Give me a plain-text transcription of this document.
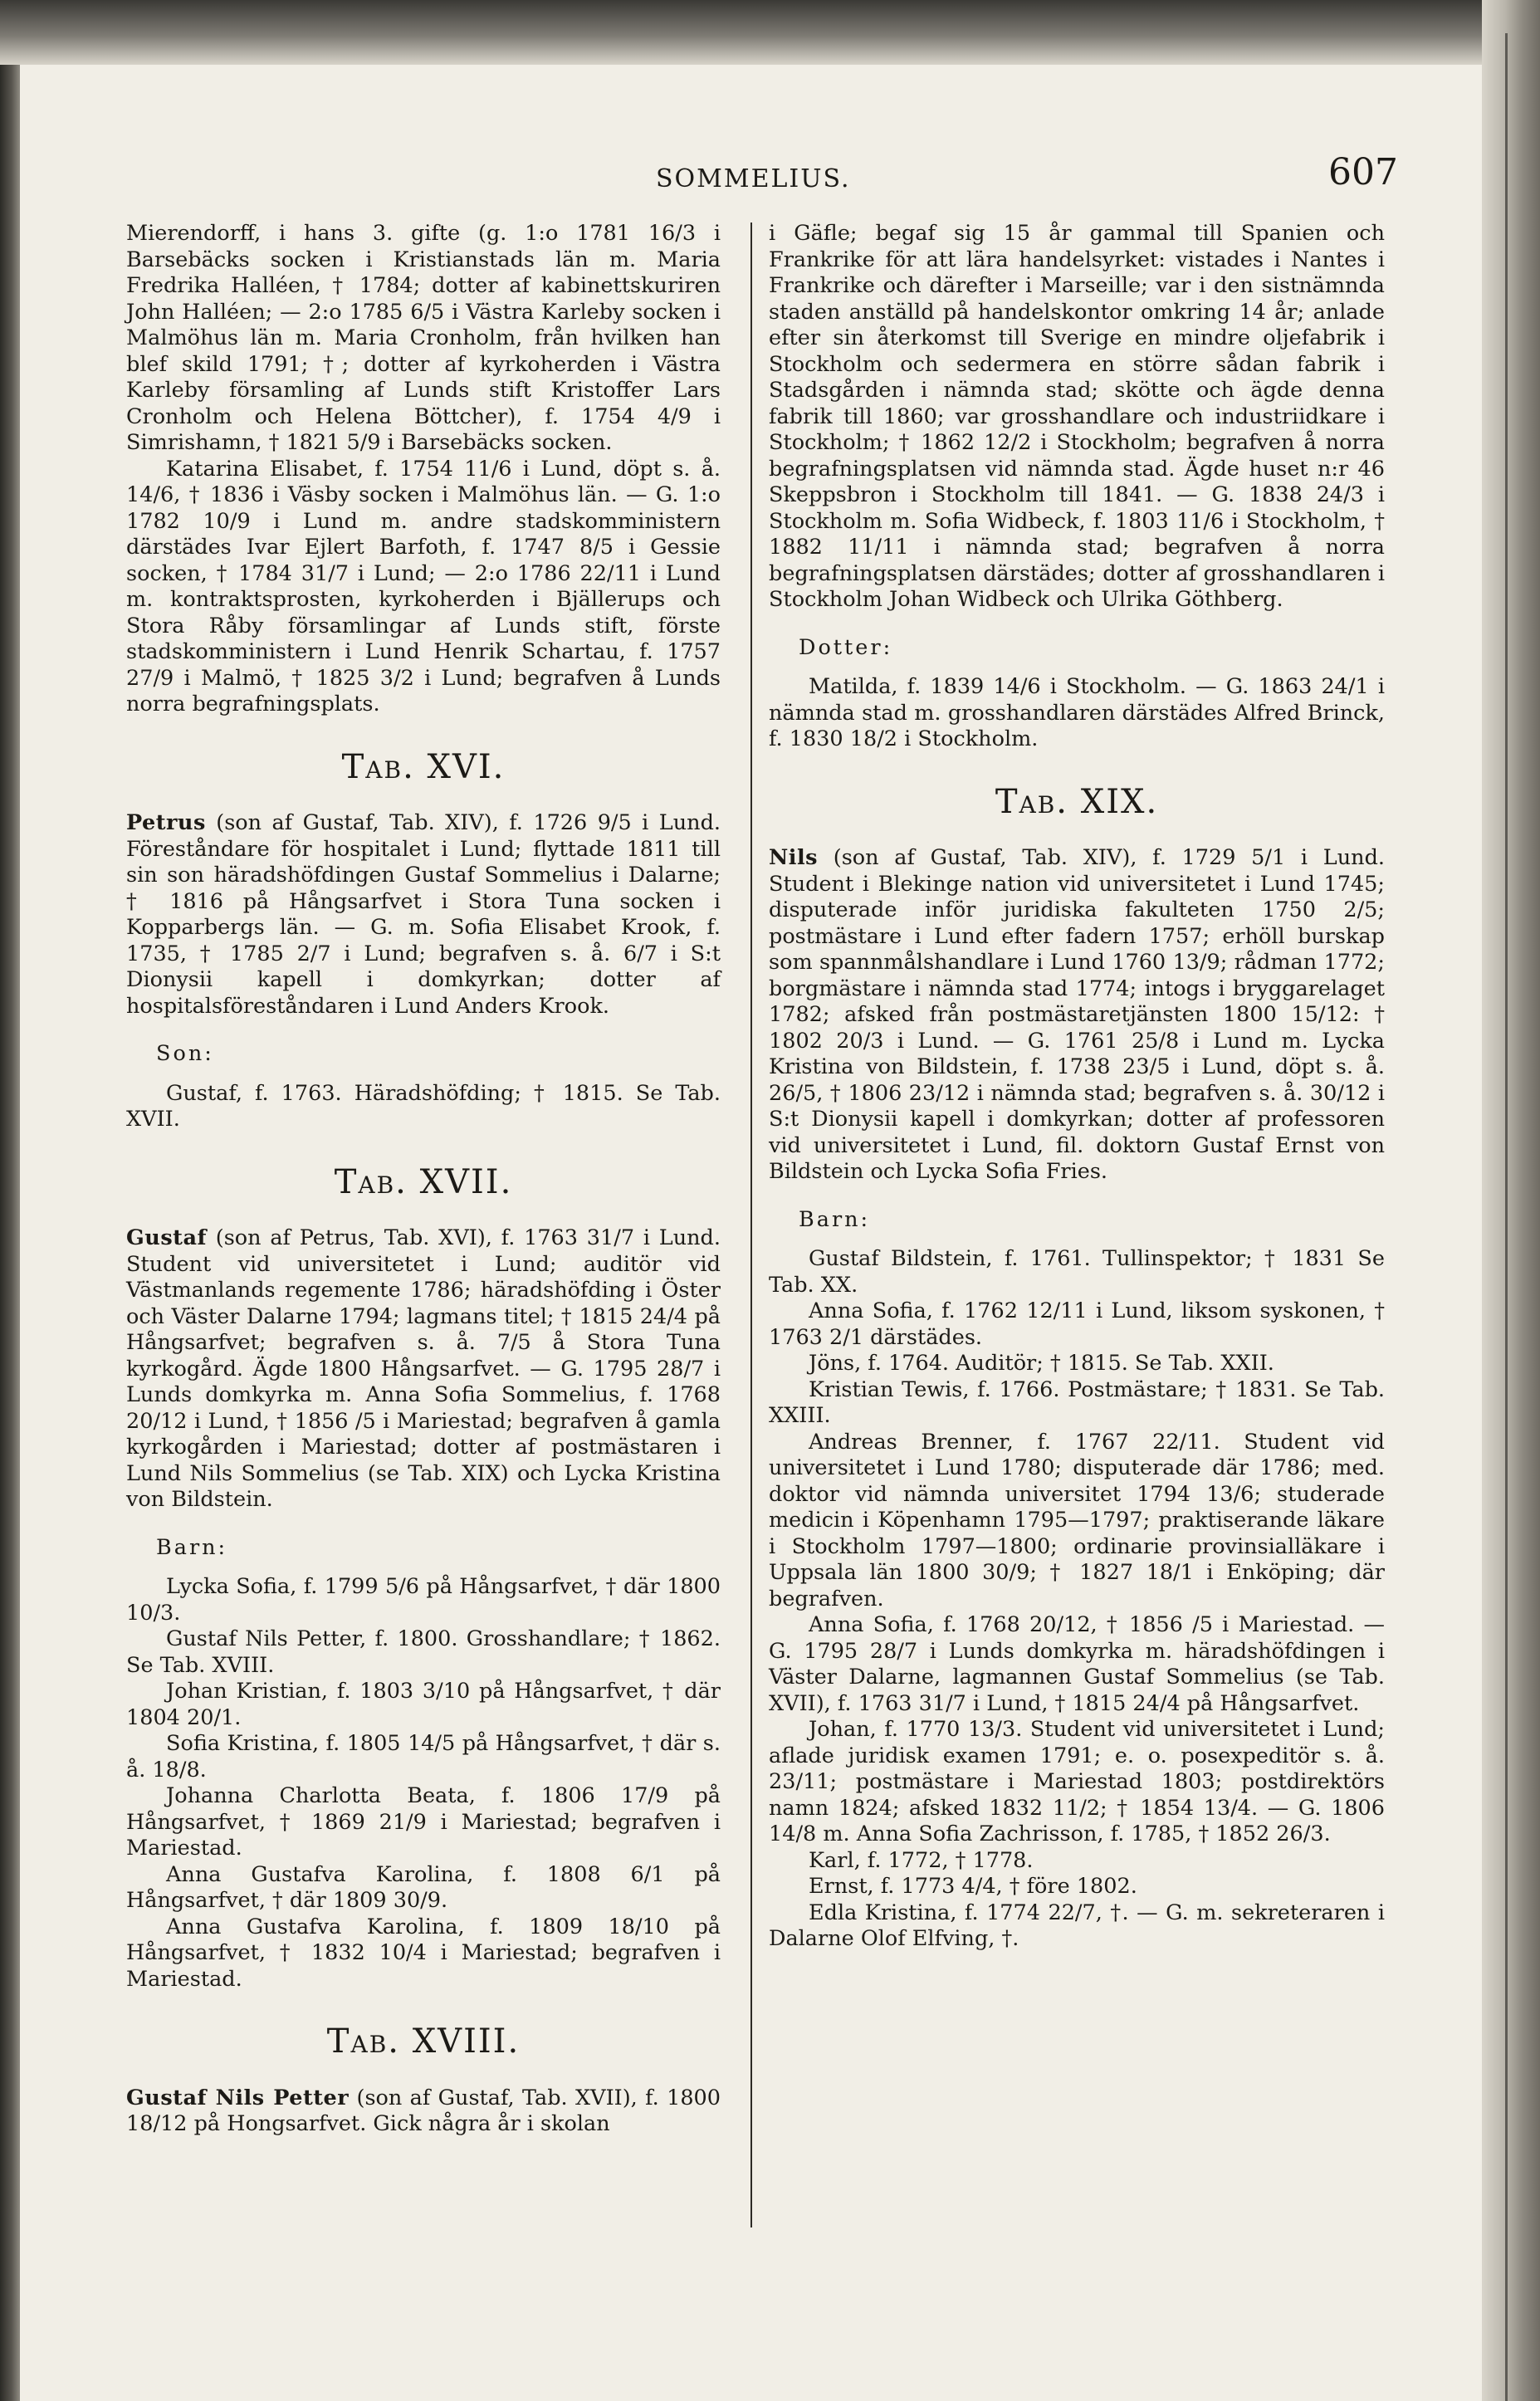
SOMMELIUS.	607

Mierendorff, i hans 3. gifte (g. 1:o 1781 16/3 i Barsebäcks socken i Kristianstads län m. Maria Fredrika Halléen, † 1784; dotter af kabinettskuriren John Halléen; — 2:o 1785 6/5 i Västra Karleby socken i Malmöhus län m. Maria Cronholm, från hvilken han blef skild 1791; †; dotter af kyrkoherden i Västra Karleby församling af Lunds stift Kristoffer Lars Cronholm och Helena Böttcher), f. 1754 4/9 i Simrishamn, † 1821 5/9 i Barsebäcks socken.

Katarina Elisabet, f. 1754 11/6 i Lund, döpt s. å. 14/6, † 1836 i Väsby socken i Malmöhus län. — G. 1:o 1782 10/9 i Lund m. andre stadskomministern därstädes Ivar Ejlert Barfoth, f. 1747 8/5 i Gessie socken, † 1784 31/7 i Lund; — 2:o 1786 22/11 i Lund m. kontraktsprosten, kyrkoherden i Bjällerups och Stora Råby församlingar af Lunds stift, förste stadskomministern i Lund Henrik Schartau, f. 1757 27/9 i Malmö, † 1825 3/2 i Lund; begrafven å Lunds norra begrafningsplats.

Tab. XVI.

Petrus (son af Gustaf, Tab. XIV), f. 1726 9/5 i Lund. Föreståndare för hospitalet i Lund; flyttade 1811 till sin son häradshöfdingen Gustaf Sommelius i Dalarne; † 1816 på Hångsarfvet i Stora Tuna socken i Kopparbergs län. — G. m. Sofia Elisabet Krook, f. 1735, † 1785 2/7 i Lund; begrafven s. å. 6/7 i S:t Dionysii kapell i domkyrkan; dotter af hospitalsföreståndaren i Lund Anders Krook.

Son:

Gustaf, f. 1763. Häradshöfding; † 1815. Se Tab. XVII.

Tab. XVII.

Gustaf (son af Petrus, Tab. XVI), f. 1763 31/7 i Lund. Student vid universitetet i Lund; auditör vid Västmanlands regemente 1786; häradshöfding i Öster och Väster Dalarne 1794; lagmans titel; † 1815 24/4 på Hångsarfvet; begrafven s. å. 7/5 å Stora Tuna kyrkogård. Ägde 1800 Hångsarfvet. — G. 1795 28/7 i Lunds domkyrka m. Anna Sofia Sommelius, f. 1768 20/12 i Lund, † 1856 /5 i Mariestad; begrafven å gamla kyrkogården i Mariestad; dotter af postmästaren i Lund Nils Sommelius (se Tab. XIX) och Lycka Kristina von Bildstein.

Barn:

Lycka Sofia, f. 1799 5/6 på Hångsarfvet, † där 1800 10/3.

Gustaf Nils Petter, f. 1800. Grosshandlare; † 1862. Se Tab. XVIII.

Johan Kristian, f. 1803 3/10 på Hångsarfvet, † där 1804 20/1.

Sofia Kristina, f. 1805 14/5 på Hångsarfvet, † där s. å. 18/8.

Johanna Charlotta Beata, f. 1806 17/9 på Hångsarfvet, † 1869 21/9 i Mariestad; begrafven i Mariestad.

Anna Gustafva Karolina, f. 1808 6/1 på Hångsarfvet, † där 1809 30/9.

Anna Gustafva Karolina, f. 1809 18/10 på Hångsarfvet, † 1832 10/4 i Mariestad; begrafven i Mariestad.

Tab. XVIII.

Gustaf Nils Petter (son af Gustaf, Tab. XVII), f. 1800 18/12 på Hongsarfvet. Gick några år i skolan

i Gäfle; begaf sig 15 år gammal till Spanien och Frankrike för att lära handelsyrket: vistades i Nantes i Frankrike och därefter i Marseille; var i den sistnämnda staden anställd på handelskontor omkring 14 år; anlade efter sin återkomst till Sverige en mindre oljefabrik i Stockholm och sedermera en större sådan fabrik i Stadsgården i nämnda stad; skötte och ägde denna fabrik till 1860; var grosshandlare och industriidkare i Stockholm; † 1862 12/2 i Stockholm; begrafven å norra begrafningsplatsen vid nämnda stad. Ägde huset n:r 46 Skeppsbron i Stockholm till 1841. — G. 1838 24/3 i Stockholm m. Sofia Widbeck, f. 1803 11/6 i Stockholm, † 1882 11/11 i nämnda stad; begrafven å norra begrafningsplatsen därstädes; dotter af grosshandlaren i Stockholm Johan Widbeck och Ulrika Göthberg.

Dotter:

Matilda, f. 1839 14/6 i Stockholm. — G. 1863 24/1 i nämnda stad m. grosshandlaren därstädes Alfred Brinck, f. 1830 18/2 i Stockholm.

Tab. XIX.

Nils (son af Gustaf, Tab. XIV), f. 1729 5/1 i Lund. Student i Blekinge nation vid universitetet i Lund 1745; disputerade inför juridiska fakulteten 1750 2/5; postmästare i Lund efter fadern 1757; erhöll burskap som spannmålshandlare i Lund 1760 13/9; rådman 1772; borgmästare i nämnda stad 1774; intogs i bryggarelaget 1782; afsked från postmästaretjänsten 1800 15/12: † 1802 20/3 i Lund. — G. 1761 25/8 i Lund m. Lycka Kristina von Bildstein, f. 1738 23/5 i Lund, döpt s. å. 26/5, † 1806 23/12 i nämnda stad; begrafven s. å. 30/12 i S:t Dionysii kapell i domkyrkan; dotter af professoren vid universitetet i Lund, fil. doktorn Gustaf Ernst von Bildstein och Lycka Sofia Fries.

Barn:

Gustaf Bildstein, f. 1761. Tullinspektor; † 1831 Se Tab. XX.

Anna Sofia, f. 1762 12/11 i Lund, liksom syskonen, † 1763 2/1 därstädes.

Jöns, f. 1764. Auditör; † 1815. Se Tab. XXII.

Kristian Tewis, f. 1766. Postmästare; † 1831. Se Tab. XXIII.

Andreas Brenner, f. 1767 22/11. Student vid universitetet i Lund 1780; disputerade där 1786; med. doktor vid nämnda universitet 1794 13/6; studerade medicin i Köpenhamn 1795—1797; praktiserande läkare i Stockholm 1797—1800; ordinarie provinsialläkare i Uppsala län 1800 30/9; † 1827 18/1 i Enköping; där begrafven.

Anna Sofia, f. 1768 20/12, † 1856 /5 i Mariestad. — G. 1795 28/7 i Lunds domkyrka m. häradshöfdingen i Väster Dalarne, lagmannen Gustaf Sommelius (se Tab. XVII), f. 1763 31/7 i Lund, † 1815 24/4 på Hångsarfvet.

Johan, f. 1770 13/3. Student vid universitetet i Lund; aflade juridisk examen 1791; e. o. posexpeditör s. å. 23/11; postmästare i Mariestad 1803; postdirektörs namn 1824; afsked 1832 11/2; † 1854 13/4. — G. 1806 14/8 m. Anna Sofia Zachrisson, f. 1785, † 1852 26/3.

Karl, f. 1772, † 1778.

Ernst, f. 1773 4/4, † före 1802.

Edla Kristina, f. 1774 22/7, †. — G. m. sekreteraren i Dalarne Olof Elfving, †.
